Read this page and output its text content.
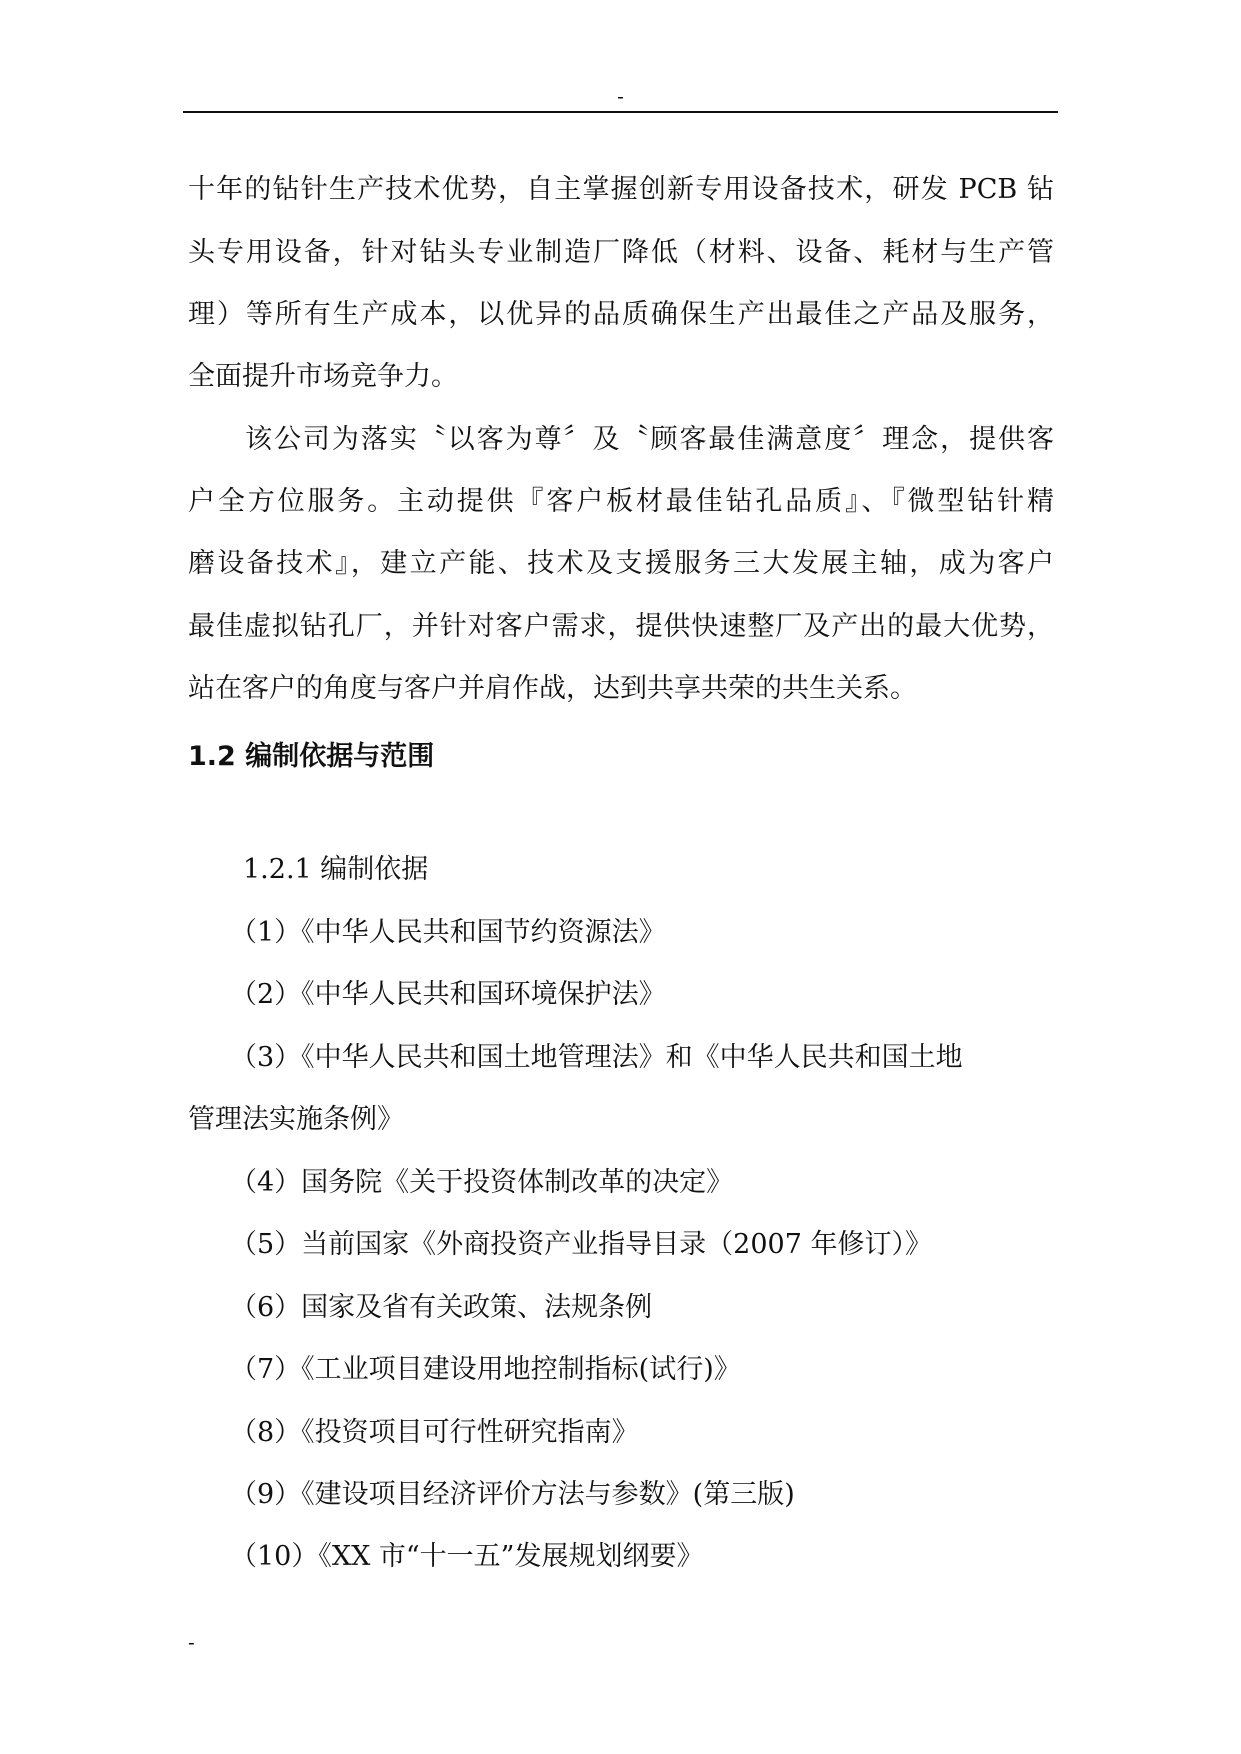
-
十年的钻针生产技术优势，自主掌握创新专用设备技术，研发 PCB 钻
头专用设备，针对钻头专业制造厂降低（材料、设备、耗材与生产管
理）等所有生产成本，以优异的品质确保生产出最佳之产品及服务，
全面提升市场竞争力。
该公司为落实〝以客为尊〞及〝顾客最佳满意度〞理念，提供客
户全方位服务。主动提供『客户板材最佳钻孔品质』、『微型钻针精
磨设备技术』，建立产能、技术及支援服务三大发展主轴，成为客户
最佳虚拟钻孔厂，并针对客户需求，提供快速整厂及产出的最大优势，
站在客户的角度与客户并肩作战，达到共享共荣的共生关系。
1.2 编制依据与范围
1.2.1 编制依据
（1）《中华人民共和国节约资源法》
（2）《中华人民共和国环境保护法》
（3）《中华人民共和国土地管理法》和《中华人民共和国土地
管理法实施条例》
（4）国务院《关于投资体制改革的决定》
（5）当前国家《外商投资产业指导目录（2007 年修订）》
（6）国家及省有关政策、法规条例
（7）《工业项目建设用地控制指标(试行)》
（8）《投资项目可行性研究指南》
（9）《建设项目经济评价方法与参数》(第三版)
（10）《XX 市“十一五”发展规划纲要》
-
